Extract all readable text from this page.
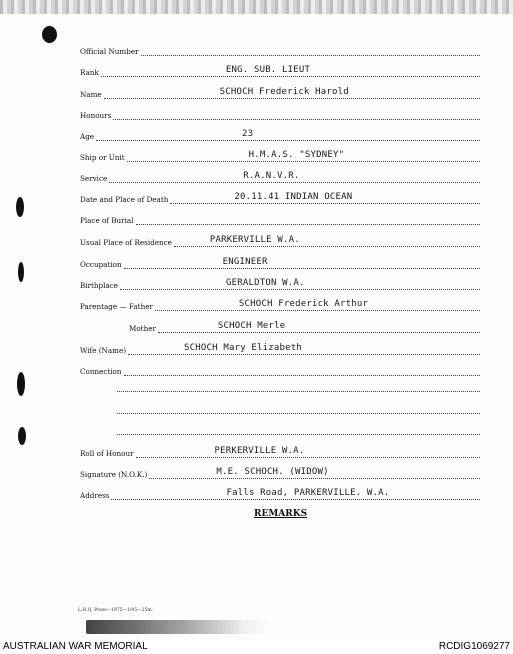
Official Number
Rank	ENG. SUB. LIEUT
Name	SCHOCH Frederick Harold
Honours
Age	23
Ship or Unit	H.M.A.S. "SYDNEY"
Service	R.A.N.V.R.
Date and Place of Death	20.11.41 INDIAN OCEAN
Place of Burial
Usual Place of Residence	PARKERVILLE W.A.
Occupation	ENGINEER
Birthplace	GERALDTON W.A.
Parentage — Father	SCHOCH Frederick Arthur
Mother	SCHOCH Merle
Wife (Name)	SCHOCH Mary Elizabeth
Connection
Roll of Honour	PERKERVILLE W.A.
Signature (N.O.K.)	M.E. SCHOCH. (WIDOW)
Address	Falls Road, PARKERVILLE. W.A.
REMARKS
L.H.Q. Press—1975—1/45—25m.
AUSTRALIAN WAR MEMORIAL	RCDIG1069277
